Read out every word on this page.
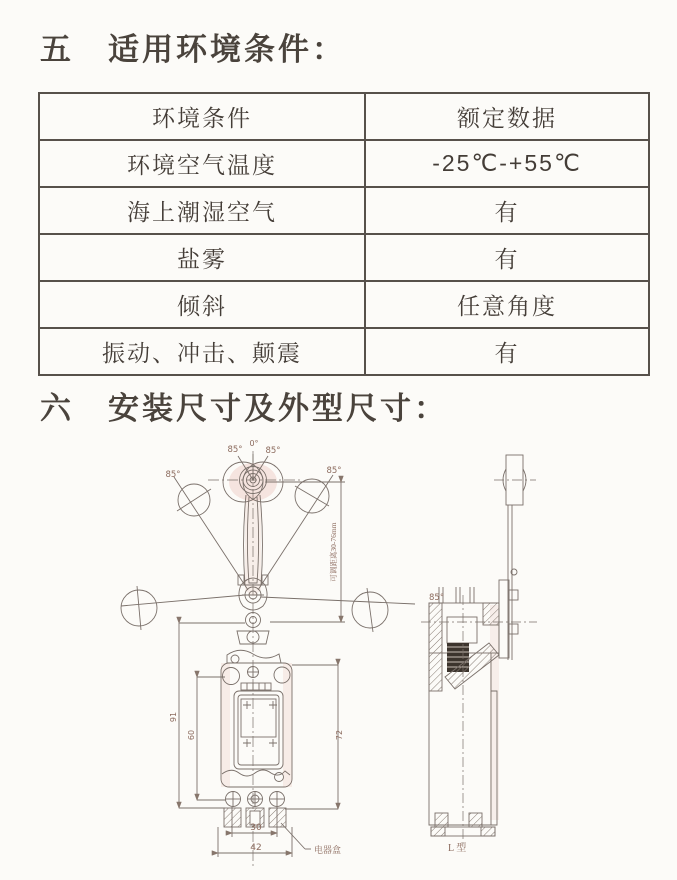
五　适用环境条件：
环境条件	额定数据
环境空气温度	-25℃-+55℃
海上潮湿空气	有
盐雾	有
倾斜	任意角度
振动、冲击、颠震	有
六　安装尺寸及外型尺寸：
85°
85°
0°
85°
85°
85°
30
42
91
60	72
可调距离30-76mm
电器盒	L 型
